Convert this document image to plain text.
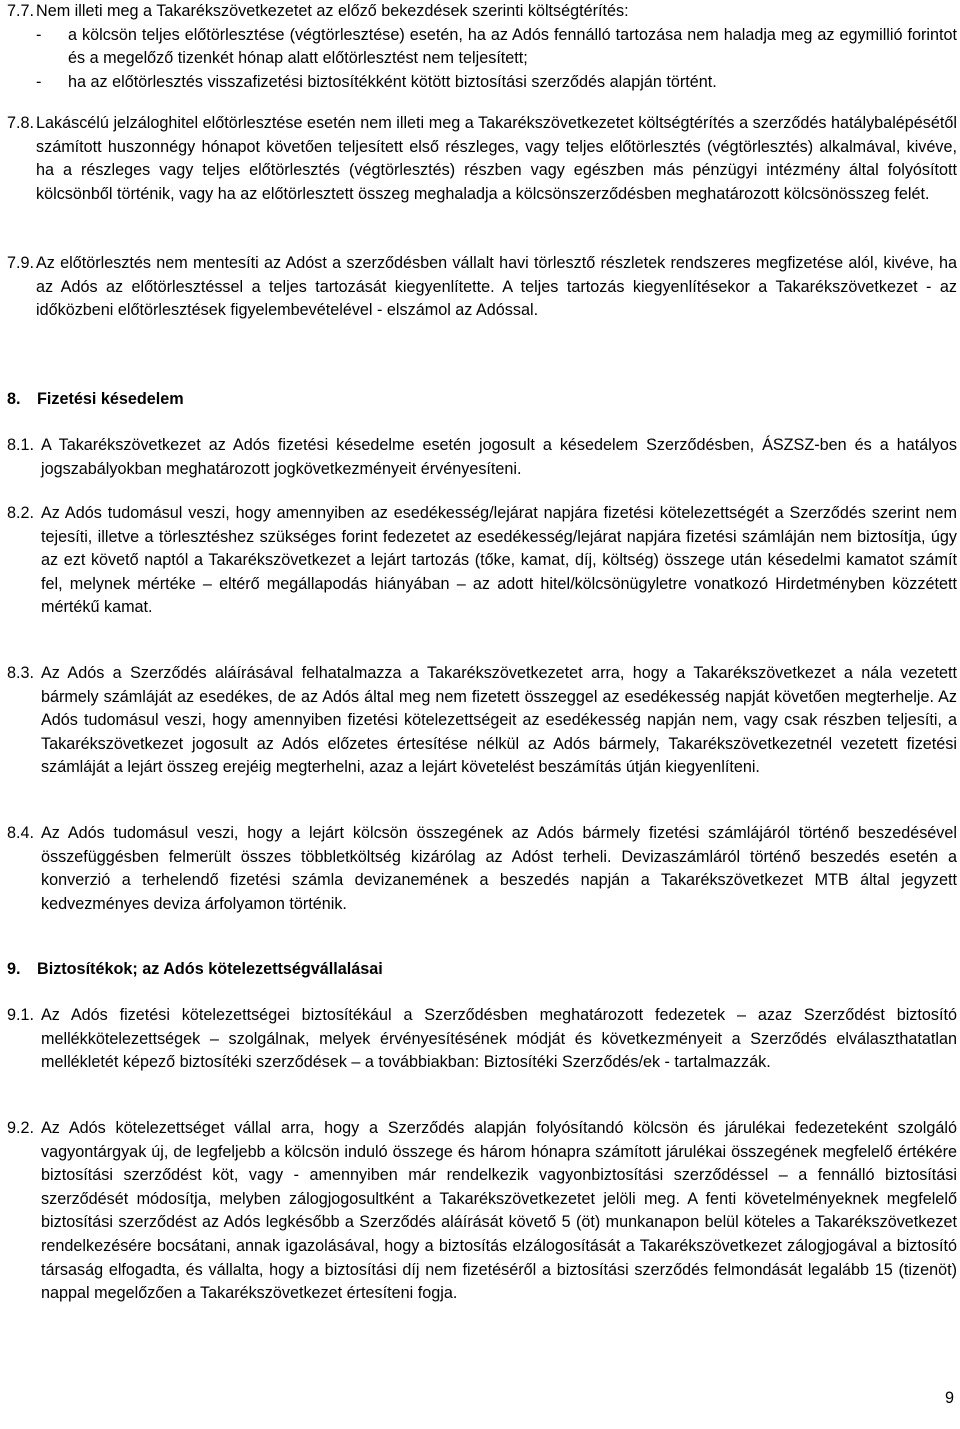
7.7. Nem illeti meg a Takarékszövetkezetet az előző bekezdések szerinti költségtérítés:
-	a kölcsön teljes előtörlesztése (végtörlesztése) esetén, ha az Adós fennálló tartozása nem haladja meg az egymillió forintot és a megelőző tizenkét hónap alatt előtörlesztést nem teljesített;
-	ha az előtörlesztés visszafizetési biztosítékként kötött biztosítási szerződés alapján történt.
7.8. Lakáscélú jelzáloghitel előtörlesztése esetén nem illeti meg a Takarékszövetkezetet költségtérítés a szerződés hatálybalépésétől számított huszonnégy hónapot követően teljesített első részleges, vagy teljes előtörlesztés (végtörlesztés) alkalmával, kivéve, ha a részleges vagy teljes előtörlesztés (végtörlesztés) részben vagy egészben más pénzügyi intézmény által folyósított kölcsönből történik, vagy ha az előtörlesztett összeg meghaladja a kölcsönszerződésben meghatározott kölcsönösszeg felét.
7.9. Az előtörlesztés nem mentesíti az Adóst a szerződésben vállalt havi törlesztő részletek rendszeres megfizetése alól, kivéve, ha az Adós az előtörlesztéssel a teljes tartozását kiegyenlítette. A teljes tartozás kiegyenlítésekor a Takarékszövetkezet - az időközbeni előtörlesztések figyelembevételével - elszámol az Adóssal.
8.	Fizetési késedelem
8.1. A Takarékszövetkezet az Adós fizetési késedelme esetén jogosult a késedelem Szerződésben, ÁSZSZ-ben és a hatályos jogszabályokban meghatározott jogkövetkezményeit érvényesíteni.
8.2. Az Adós tudomásul veszi, hogy amennyiben az esedékesség/lejárat napjára fizetési kötelezettségét a Szerződés szerint nem tejesíti, illetve a törlesztéshez szükséges forint fedezetet az esedékesség/lejárat napjára fizetési számláján nem biztosítja, úgy az ezt követő naptól a Takarékszövetkezet a lejárt tartozás (tőke, kamat, díj, költség) összege után késedelmi kamatot számít fel, melynek mértéke – eltérő megállapodás hiányában – az adott hitel/kölcsönügyletre vonatkozó Hirdetményben közzétett mértékű kamat.
8.3. Az Adós a Szerződés aláírásával felhatalmazza a Takarékszövetkezetet arra, hogy a Takarékszövetkezet a nála vezetett bármely számláját az esedékes, de az Adós által meg nem fizetett összeggel az esedékesség napját követően megterhelje. Az Adós tudomásul veszi, hogy amennyiben fizetési kötelezettségeit az esedékesség napján nem, vagy csak részben teljesíti, a Takarékszövetkezet jogosult az Adós előzetes értesítése nélkül az Adós bármely, Takarékszövetkezetnél vezetett fizetési számláját a lejárt összeg erejéig megterhelni, azaz a lejárt követelést beszámítás útján kiegyenlíteni.
8.4. Az Adós tudomásul veszi, hogy a lejárt kölcsön összegének az Adós bármely fizetési számlájáról történő beszedésével összefüggésben felmerült összes többletköltség kizárólag az Adóst terheli. Devizaszámláról történő beszedés esetén a konverzió a terhelendő fizetési számla devizanemének a beszedés napján a Takarékszövetkezet MTB által jegyzett kedvezményes deviza árfolyamon történik.
9.	Biztosítékok; az Adós kötelezettségvállalásai
9.1. Az Adós fizetési kötelezettségei biztosítékául a Szerződésben meghatározott fedezetek – azaz Szerződést biztosító mellékkötelezettségek – szolgálnak, melyek érvényesítésének módját és következményeit a Szerződés elválaszthatatlan mellékletét képező biztosítéki szerződések – a továbbiakban: Biztosítéki Szerződés/ek - tartalmazzák.
9.2. Az Adós kötelezettséget vállal arra, hogy a Szerződés alapján folyósítandó kölcsön és járulékai fedezeteként szolgáló vagyontárgyak új, de legfeljebb a kölcsön induló összege és három hónapra számított járulékai összegének megfelelő értékére biztosítási szerződést köt, vagy - amennyiben már rendelkezik vagyonbiztosítási szerződéssel – a fennálló biztosítási szerződését módosítja, melyben zálogjogosultként a Takarékszövetkezetet jelöli meg. A fenti követelményeknek megfelelő biztosítási szerződést az Adós legkésőbb a Szerződés aláírását követő 5 (öt) munkanapon belül köteles a Takarékszövetkezet rendelkezésére bocsátani, annak igazolásával, hogy a biztosítás elzálogosítását a Takarékszövetkezet zálogjogával a biztosító társaság elfogadta, és vállalta, hogy a biztosítási díj nem fizetéséről a biztosítási szerződés felmondását legalább 15 (tizenöt) nappal megelőzően a Takarékszövetkezet értesíteni fogja.
9
